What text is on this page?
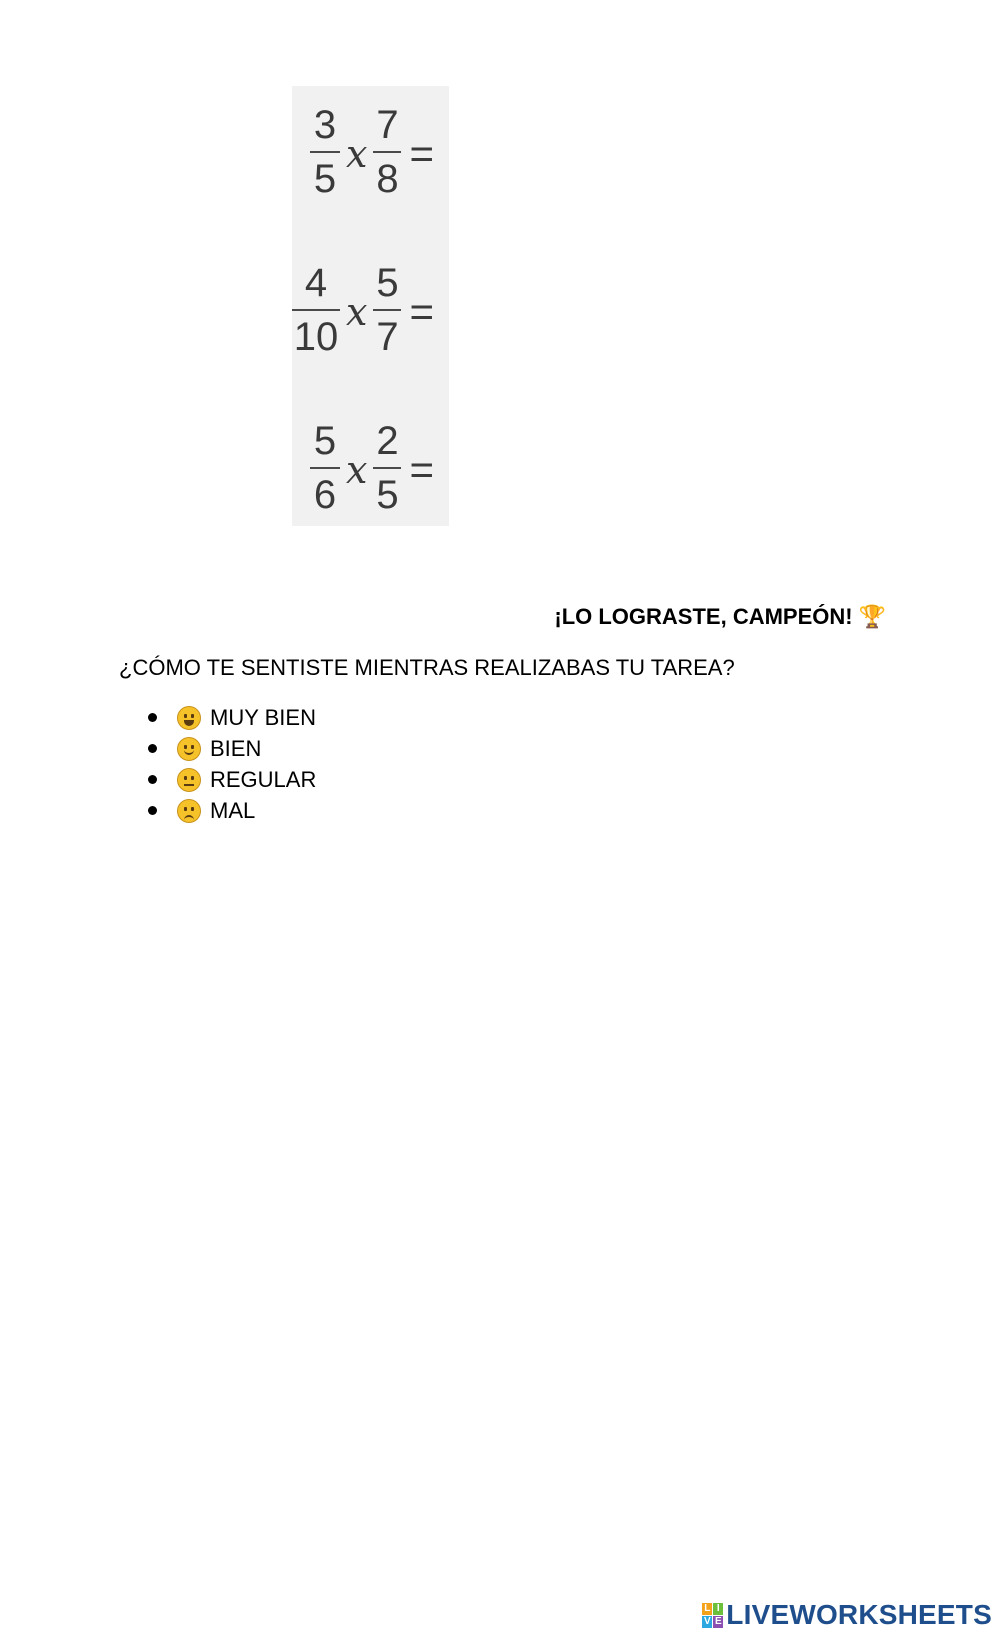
$\frac{3}{5}$ x $\frac{7}{8}$ =
$\frac{4}{10}$ x $\frac{5}{7}$ =
$\frac{5}{6}$ x $\frac{2}{5}$ =
¡LO LOGRASTE, CAMPEÓN! 🏆
¿CÓMO TE SENTISTE MIENTRAS REALIZABAS TU TAREA?
MUY BIEN
BIEN
REGULAR
MAL
L I
V E LIVEWORKSHEETS
